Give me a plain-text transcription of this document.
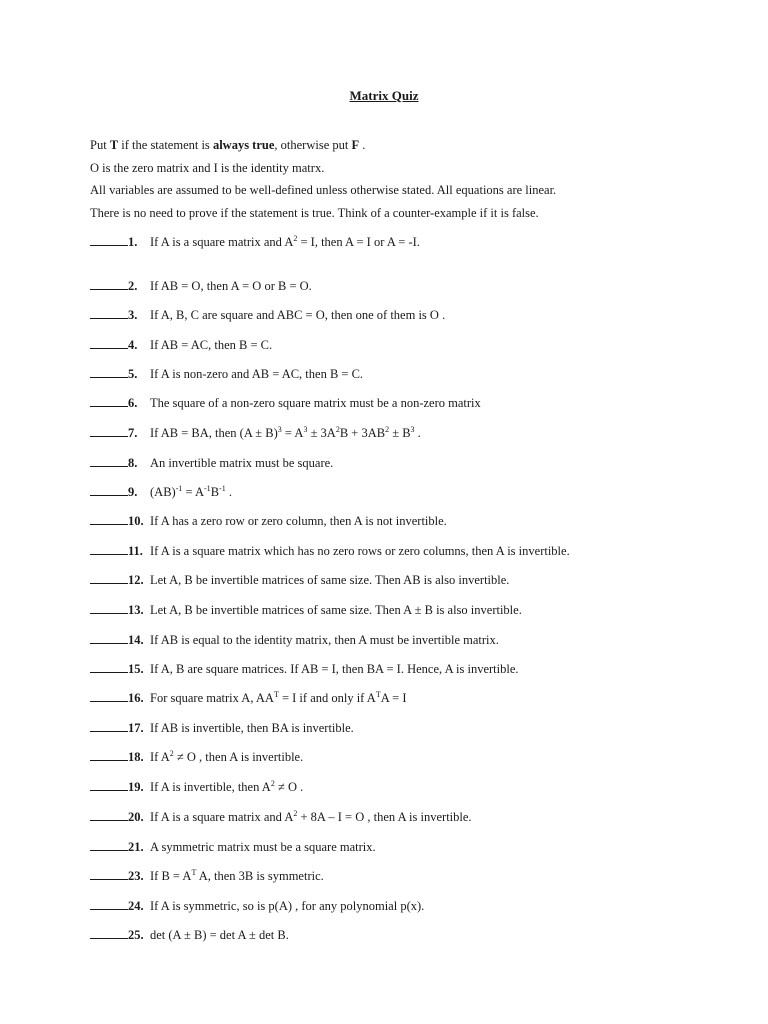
Matrix Quiz
Put T if the statement is always true, otherwise put F .
O is the zero matrix and I is the identity matrx.
All variables are assumed to be well-defined unless otherwise stated. All equations are linear.
There is no need to prove if the statement is true. Think of a counter-example if it is false.
1. If A is a square matrix and $A^2 = I$, then A = I or A = -I.
2. If AB = O, then A = O or B = O.
3. If A, B, C are square and ABC = O, then one of them is O .
4. If AB = AC, then B = C.
5. If A is non-zero and AB = AC, then B = C.
6. The square of a non-zero square matrix must be a non-zero matrix
7. If AB = BA, then $(A \pm B)^3 = A^3 \pm 3A^2B + 3AB^2 \pm B^3$ .
8. An invertible matrix must be square.
9. $(AB)^{-1} = A^{-1}B^{-1}$ .
10. If A has a zero row or zero column, then A is not invertible.
11. If A is a square matrix which has no zero rows or zero columns, then A is invertible.
12. Let A, B be invertible matrices of same size. Then AB is also invertible.
13. Let A, B be invertible matrices of same size. Then A ± B is also invertible.
14. If AB is equal to the identity matrix, then A must be invertible matrix.
15. If A, B are square matrices. If AB = I, then BA = I. Hence, A is invertible.
16. For square matrix A, $AA^T = I$ if and only if $A^TA = I$
17. If AB is invertible, then BA is invertible.
18. If $A^2 \ne O$ , then A is invertible.
19. If A is invertible, then $A^2 \ne O$ .
20. If A is a square matrix and $A^2 + 8A - I = O$ , then A is invertible.
21. A symmetric matrix must be a square matrix.
23. If $B = A^T$ A, then 3B is symmetric.
24. If A is symmetric, so is p(A) , for any polynomial p(x).
25. det (A ± B) = det A ± det B.
